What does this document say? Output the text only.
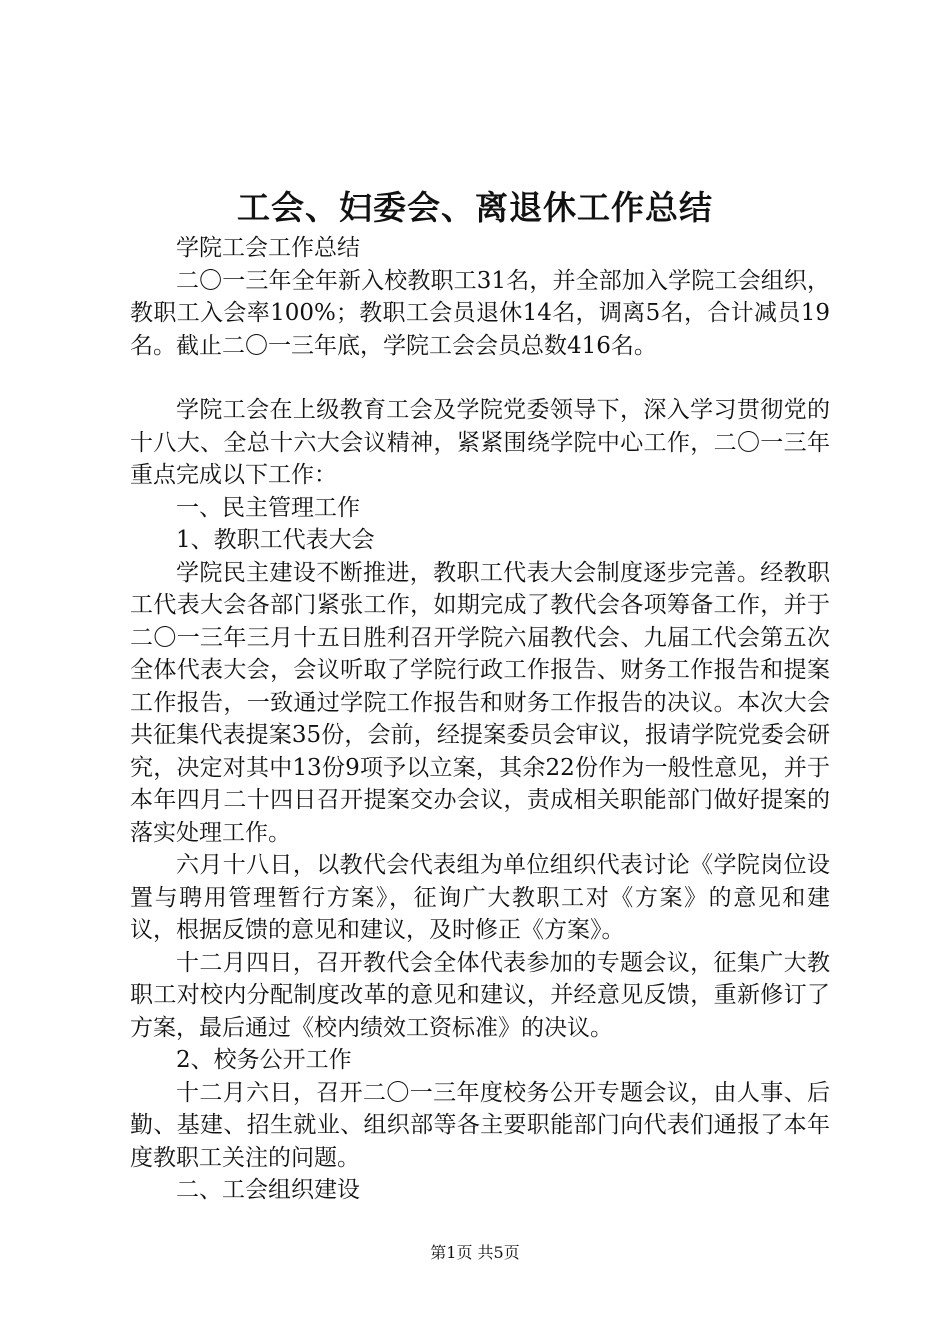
工会、妇委会、离退休工作总结

学院工会工作总结

二〇一三年全年新入校教职工31名，并全部加入学院工会组织，教职工入会率100%；教职工会员退休14名，调离5名，合计减员19名。截止二〇一三年底，学院工会会员总数416名。

学院工会在上级教育工会及学院党委领导下，深入学习贯彻党的十八大、全总十六大会议精神，紧紧围绕学院中心工作，二〇一三年重点完成以下工作：

一、民主管理工作

1、教职工代表大会

学院民主建设不断推进，教职工代表大会制度逐步完善。经教职工代表大会各部门紧张工作，如期完成了教代会各项筹备工作，并于二〇一三年三月十五日胜利召开学院六届教代会、九届工代会第五次全体代表大会，会议听取了学院行政工作报告、财务工作报告和提案工作报告，一致通过学院工作报告和财务工作报告的决议。本次大会共征集代表提案35份，会前，经提案委员会审议，报请学院党委会研究，决定对其中13份9项予以立案，其余22份作为一般性意见，并于本年四月二十四日召开提案交办会议，责成相关职能部门做好提案的落实处理工作。

六月十八日，以教代会代表组为单位组织代表讨论《学院岗位设置与聘用管理暂行方案》，征询广大教职工对《方案》的意见和建议，根据反馈的意见和建议，及时修正《方案》。

十二月四日，召开教代会全体代表参加的专题会议，征集广大教职工对校内分配制度改革的意见和建议，并经意见反馈，重新修订了方案，最后通过《校内绩效工资标准》的决议。

2、校务公开工作

十二月六日，召开二〇一三年度校务公开专题会议，由人事、后勤、基建、招生就业、组织部等各主要职能部门向代表们通报了本年度教职工关注的问题。

二、工会组织建设

第1页 共5页
